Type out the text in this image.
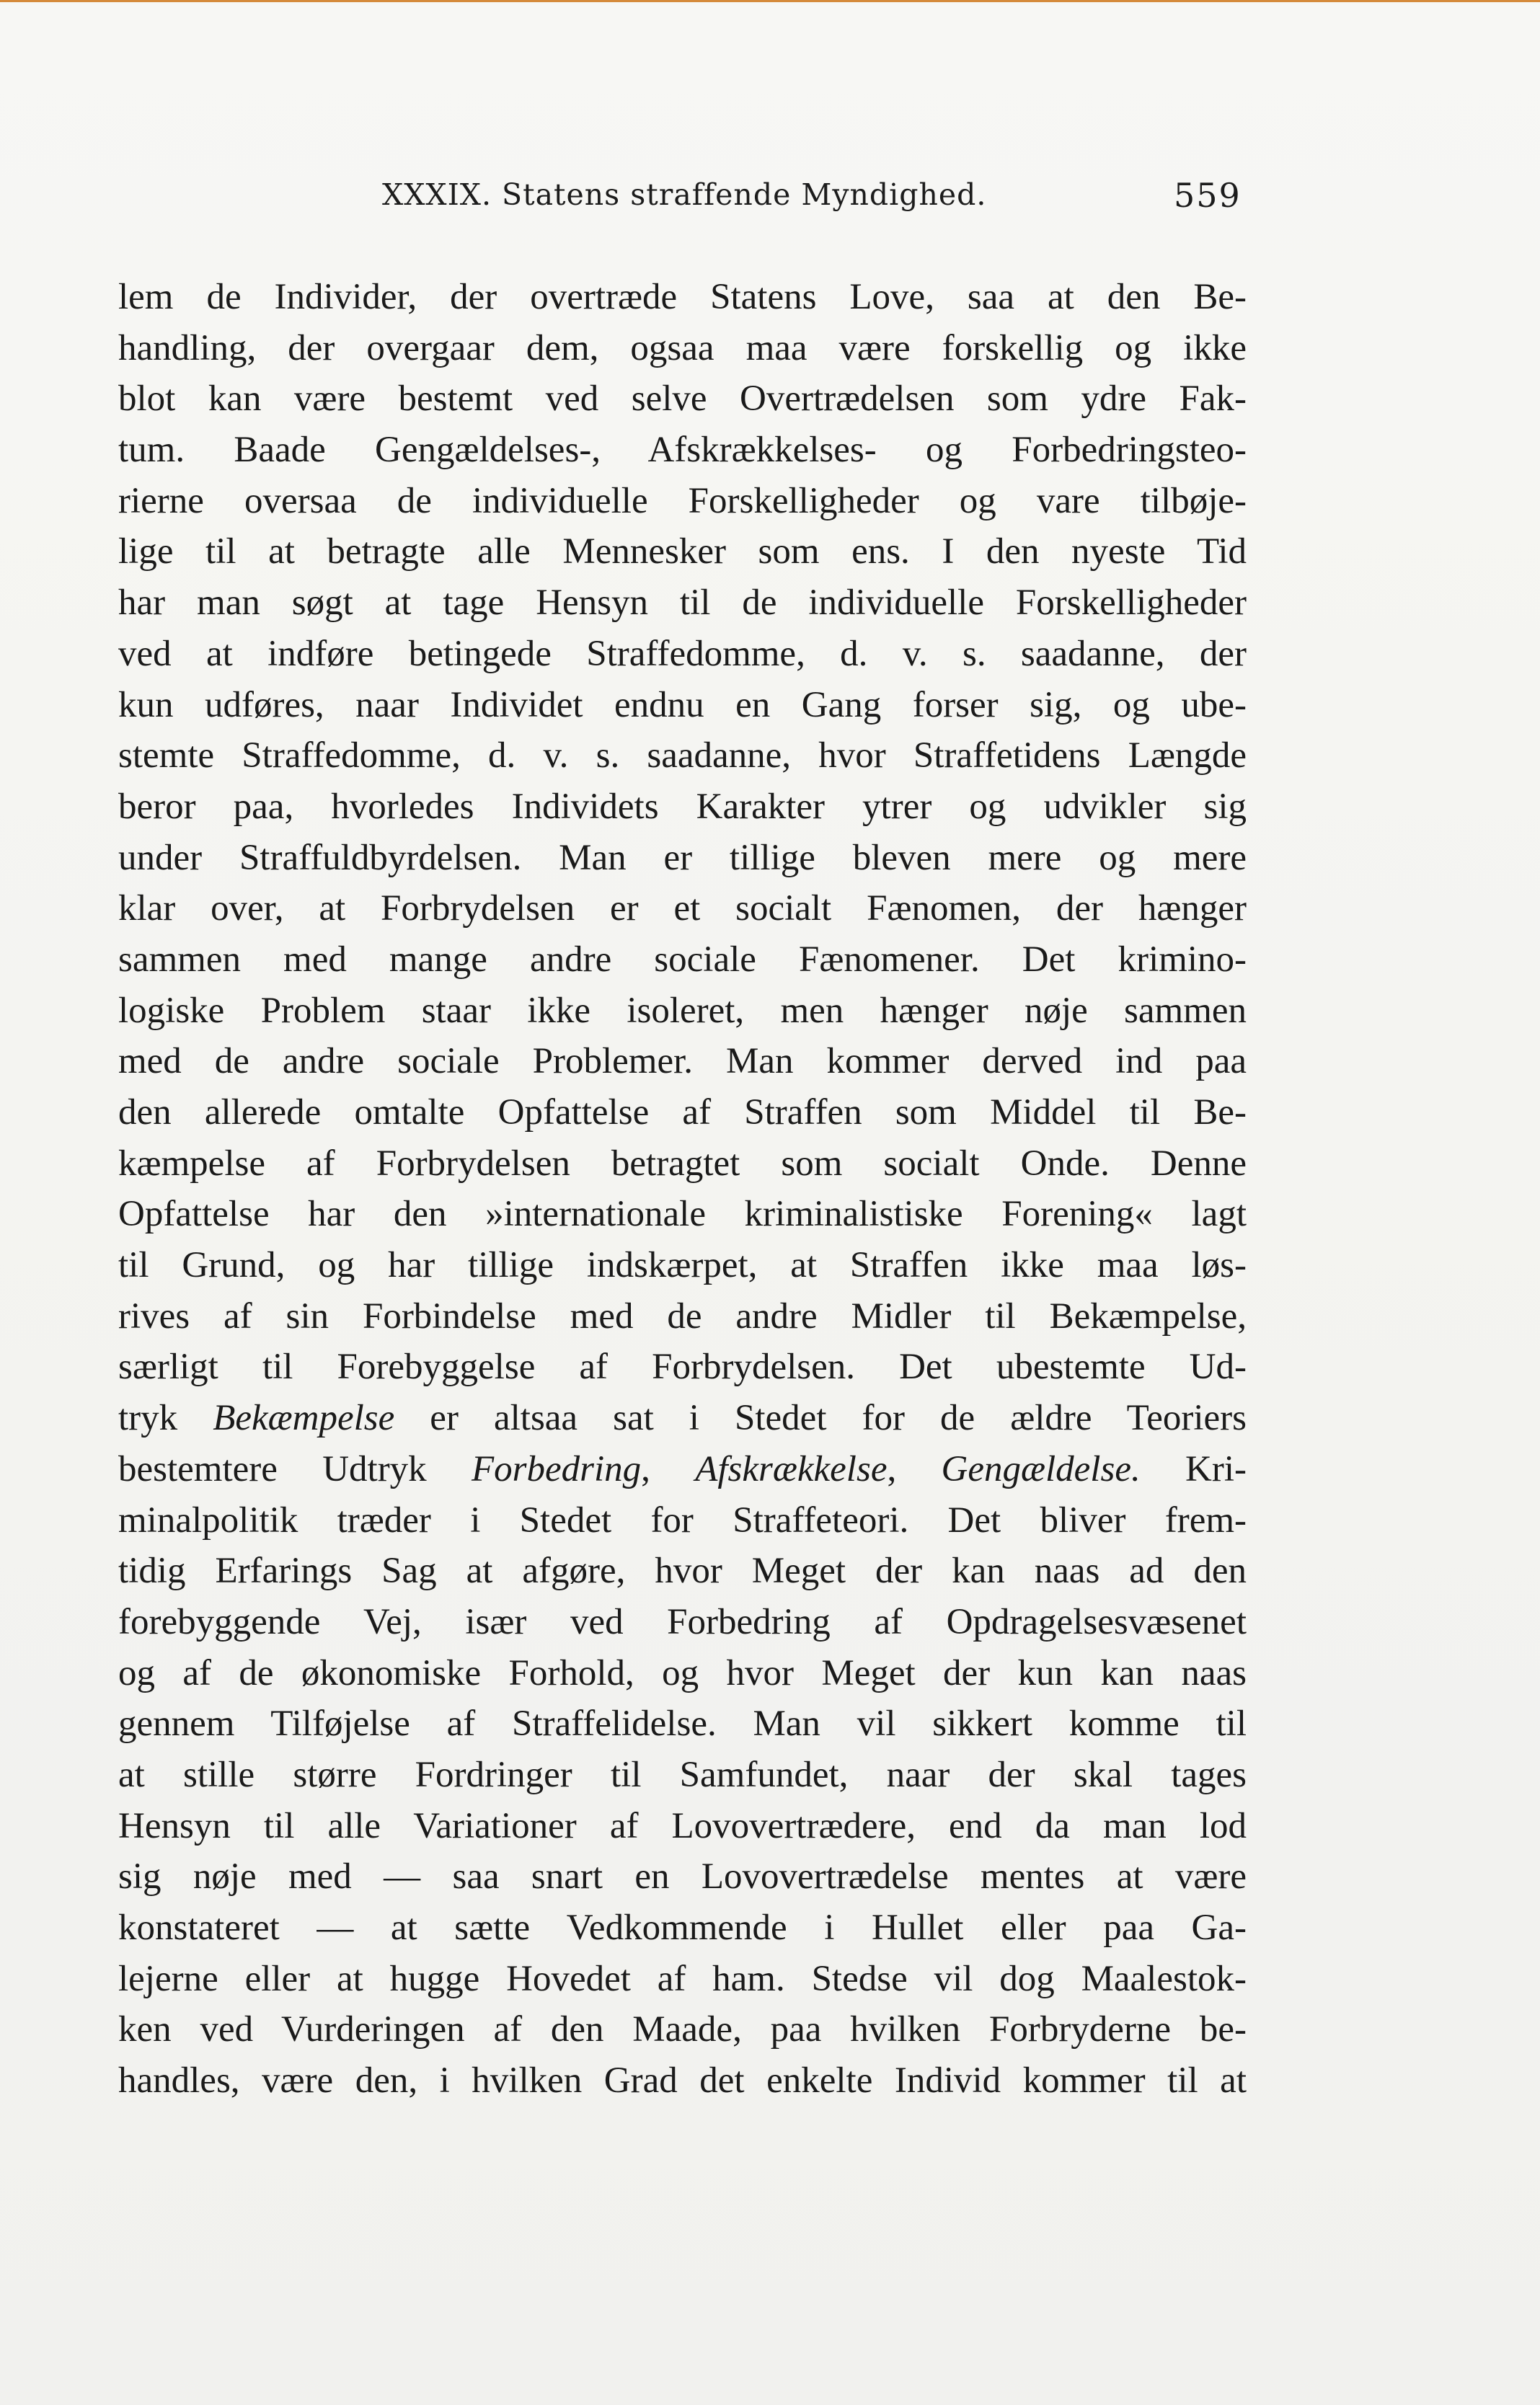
XXXIX. Statens straffende Myndighed.	559
lem de Individer, der overtræde Statens Love, saa at den Be-
handling, der overgaar dem, ogsaa maa være forskellig og ikke
blot kan være bestemt ved selve Overtrædelsen som ydre Fak-
tum. Baade Gengældelses-, Afskrækkelses- og Forbedringsteo-
rierne oversaa de individuelle Forskelligheder og vare tilbøje-
lige til at betragte alle Mennesker som ens. I den nyeste Tid
har man søgt at tage Hensyn til de individuelle Forskelligheder
ved at indføre betingede Straffedomme, d. v. s. saadanne, der
kun udføres, naar Individet endnu en Gang forser sig, og ube-
stemte Straffedomme, d. v. s. saadanne, hvor Straffetidens Længde
beror paa, hvorledes Individets Karakter ytrer og udvikler sig
under Straffuldbyrdelsen. Man er tillige bleven mere og mere
klar over, at Forbrydelsen er et socialt Fænomen, der hænger
sammen med mange andre sociale Fænomener. Det krimino-
logiske Problem staar ikke isoleret, men hænger nøje sammen
med de andre sociale Problemer. Man kommer derved ind paa
den allerede omtalte Opfattelse af Straffen som Middel til Be-
kæmpelse af Forbrydelsen betragtet som socialt Onde. Denne
Opfattelse har den »internationale kriminalistiske Forening« lagt
til Grund, og har tillige indskærpet, at Straffen ikke maa løs-
rives af sin Forbindelse med de andre Midler til Bekæmpelse,
særligt til Forebyggelse af Forbrydelsen. Det ubestemte Ud-
tryk Bekæmpelse er altsaa sat i Stedet for de ældre Teoriers
bestemtere Udtryk Forbedring, Afskrækkelse, Gengældelse. Kri-
minalpolitik træder i Stedet for Straffeteori. Det bliver frem-
tidig Erfarings Sag at afgøre, hvor Meget der kan naas ad den
forebyggende Vej, især ved Forbedring af Opdragelsesvæsenet
og af de økonomiske Forhold, og hvor Meget der kun kan naas
gennem Tilføjelse af Straffelidelse. Man vil sikkert komme til
at stille større Fordringer til Samfundet, naar der skal tages
Hensyn til alle Variationer af Lovovertrædere, end da man lod
sig nøje med — saa snart en Lovovertrædelse mentes at være
konstateret — at sætte Vedkommende i Hullet eller paa Ga-
lejerne eller at hugge Hovedet af ham. Stedse vil dog Maalestok-
ken ved Vurderingen af den Maade, paa hvilken Forbryderne be-
handles, være den, i hvilken Grad det enkelte Individ kommer til at
